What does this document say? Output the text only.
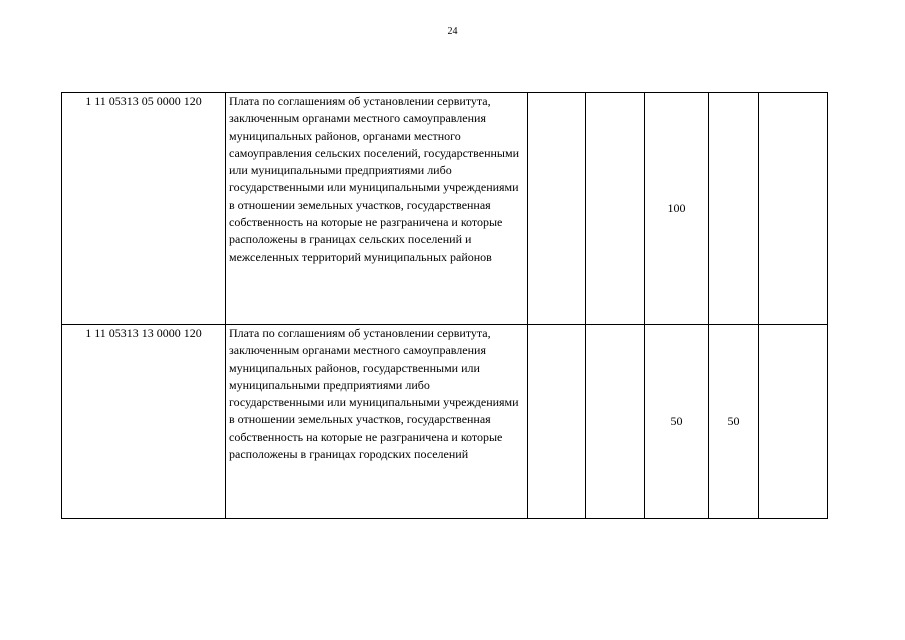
24
1 11 05313 05 0000 120	Плата по соглашениям об установлении сервитута, заключенным органами местного самоуправления муниципальных районов, органами местного самоуправления сельских поселений, государственными или муниципальными предприятиями либо государственными или муниципальными учреждениями в отношении земельных участков, государственная собственность на которые не разграничена и которые расположены в границах сельских поселений и межселенных территорий муниципальных районов			100		
1 11 05313 13 0000 120	Плата по соглашениям об установлении сервитута, заключенным органами местного самоуправления муниципальных районов, государственными или муниципальными предприятиями либо государственными или муниципальными учреждениями в отношении земельных участков, государственная собственность на которые не разграничена и которые расположены в границах городских поселений			50	50	
